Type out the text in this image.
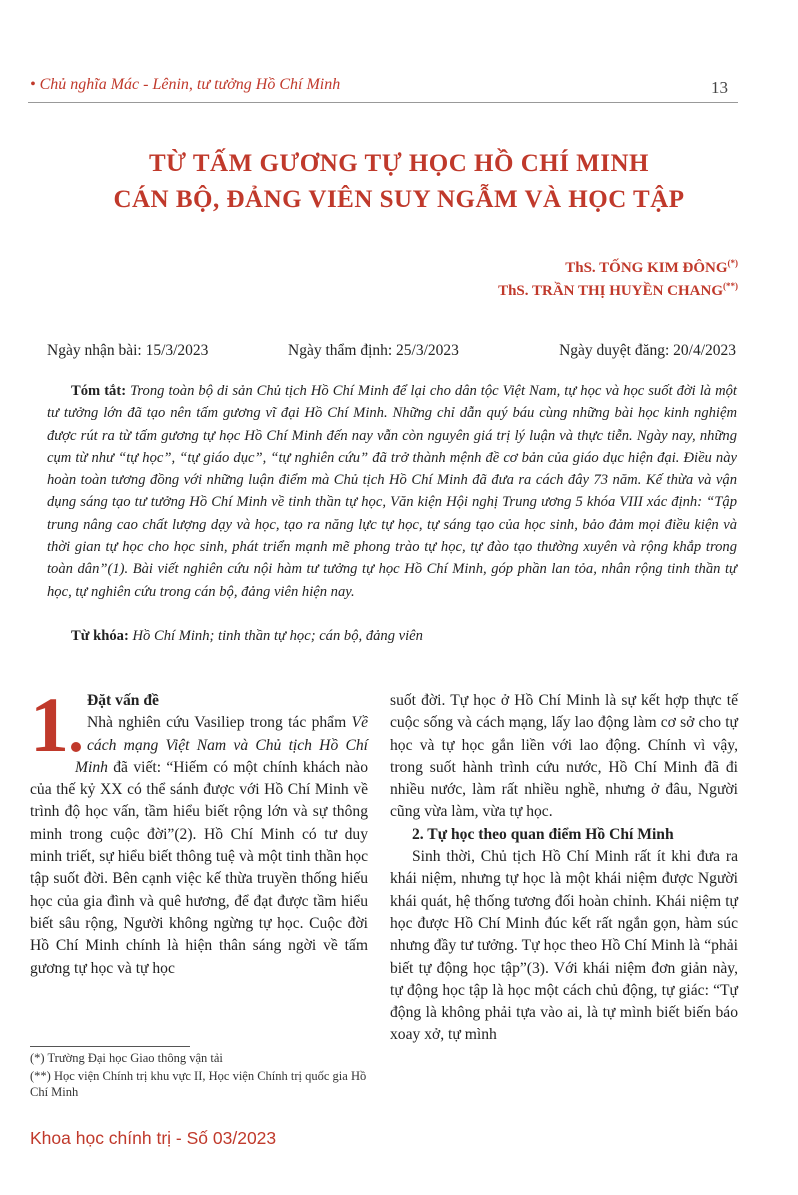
• Chủ nghĩa Mác - Lênin, tư tưởng Hồ Chí Minh	13
TỪ TẤM GƯƠNG TỰ HỌC HỒ CHÍ MINH
CÁN BỘ, ĐẢNG VIÊN SUY NGẪM VÀ HỌC TẬP
ThS. TỐNG KIM ĐÔNG(*)
ThS. TRẦN THỊ HUYỀN CHANG(**)
Ngày nhận bài: 15/3/2023	Ngày thẩm định: 25/3/2023	Ngày duyệt đăng: 20/4/2023
Tóm tắt: Trong toàn bộ di sản Chủ tịch Hồ Chí Minh để lại cho dân tộc Việt Nam, tự học và học suốt đời là một tư tưởng lớn đã tạo nên tấm gương vĩ đại Hồ Chí Minh. Những chỉ dẫn quý báu cùng những bài học kinh nghiệm được rút ra từ tấm gương tự học Hồ Chí Minh đến nay vẫn còn nguyên giá trị lý luận và thực tiễn. Ngày nay, những cụm từ như “tự học”, “tự giáo dục”, “tự nghiên cứu” đã trở thành mệnh đề cơ bản của giáo dục hiện đại. Điều này hoàn toàn tương đồng với những luận điểm mà Chủ tịch Hồ Chí Minh đã đưa ra cách đây 73 năm. Kế thừa và vận dụng sáng tạo tư tưởng Hồ Chí Minh về tinh thần tự học, Văn kiện Hội nghị Trung ương 5 khóa VIII xác định: “Tập trung nâng cao chất lượng dạy và học, tạo ra năng lực tự học, tự sáng tạo của học sinh, bảo đảm mọi điều kiện và thời gian tự học cho học sinh, phát triển mạnh mẽ phong trào tự học, tự đào tạo thường xuyên và rộng khắp trong toàn dân”(1). Bài viết nghiên cứu nội hàm tư tưởng tự học Hồ Chí Minh, góp phần lan tỏa, nhân rộng tinh thần tự học, tự nghiên cứu trong cán bộ, đảng viên hiện nay.
Từ khóa: Hồ Chí Minh; tinh thần tự học; cán bộ, đảng viên
1	Đặt vấn đề

Nhà nghiên cứu Vasiliep trong tác phẩm Về cách mạng Việt Nam và Chủ tịch Hồ Chí Minh đã viết: “Hiếm có một chính khách nào của thế kỷ XX có thể sánh được với Hồ Chí Minh về trình độ học vấn, tầm hiểu biết rộng lớn và sự thông minh trong cuộc đời”(2). Hồ Chí Minh có tư duy minh triết, sự hiểu biết thông tuệ và một tinh thần học tập suốt đời. Bên cạnh việc kế thừa truyền thống hiếu học của gia đình và quê hương, để đạt được tầm hiểu biết sâu rộng, Người không ngừng tự học. Cuộc đời Hồ Chí Minh chính là hiện thân sáng ngời về tấm gương tự học và tự học

suốt đời. Tự học ở Hồ Chí Minh là sự kết hợp thực tế cuộc sống và cách mạng, lấy lao động làm cơ sở cho tự học và tự học gắn liền với lao động. Chính vì vậy, trong suốt hành trình cứu nước, Hồ Chí Minh đã đi nhiều nước, làm rất nhiều nghề, nhưng ở đâu, Người cũng vừa làm, vừa tự học.

2. Tự học theo quan điểm Hồ Chí Minh

Sinh thời, Chủ tịch Hồ Chí Minh rất ít khi đưa ra khái niệm, nhưng tự học là một khái niệm được Người khái quát, hệ thống tương đối hoàn chỉnh. Khái niệm tự học được Hồ Chí Minh đúc kết rất ngắn gọn, hàm súc nhưng đầy tư tưởng. Tự học theo Hồ Chí Minh là “phải biết tự động học tập”(3). Với khái niệm đơn giản này, tự động học tập là học một cách chủ động, tự giác: “Tự động là không phải tựa vào ai, là tự mình biết biến báo xoay xở, tự mình

(*) Trường Đại học Giao thông vận tải
(**) Học viện Chính trị khu vực II, Học viện Chính trị quốc gia Hồ Chí Minh
Khoa học chính trị - Số 03/2023
